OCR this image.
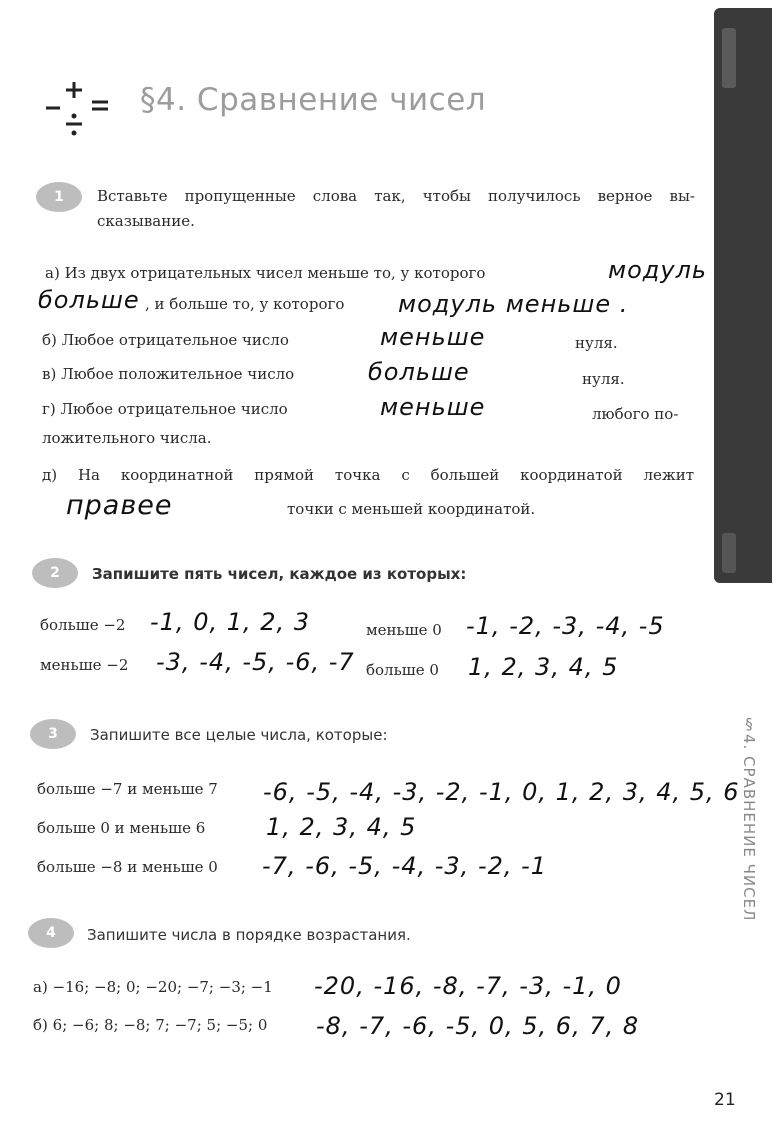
§4. СРАВНЕНИЕ ЧИСЕЛ
§4. Сравнение чисел
1	Вставьте пропущенные слова так, чтобы получилось верное вы-
сказывание.
а) Из двух отрицательных чисел меньше то, у которого	модуль
больше , и больше то, у которого модуль меньше .
б) Любое отрицательное число	меньше	нуля.
в) Любое положительное число	больше	нуля.
г) Любое отрицательное число	меньше	любого по-
ложительного числа.
д) На координатной прямой точка с большей координатой лежит
правее	точки с меньшей координатой.
2	Запишите пять чисел, каждое из которых:
больше −2 -1, 0, 1, 2, 3	меньше 0 -1, -2, -3, -4, -5
меньше −2 -3, -4, -5, -6, -7 больше 0 1, 2, 3, 4, 5
3	Запишите все целые числа, которые:
больше −7 и меньше 7 -6, -5, -4, -3, -2, -1, 0, 1, 2, 3, 4, 5, 6
больше 0 и меньше 6	1, 2, 3, 4, 5
больше −8 и меньше 0 -7, -6, -5, -4, -3, -2, -1
4	Запишите числа в порядке возрастания.
а) −16; −8; 0; −20; −7; −3; −1 -20, -16, -8, -7, -3, -1, 0
б) 6; −6; 8; −8; 7; −7; 5; −5; 0 -8, -7, -6, -5, 0, 5, 6, 7, 8
21
